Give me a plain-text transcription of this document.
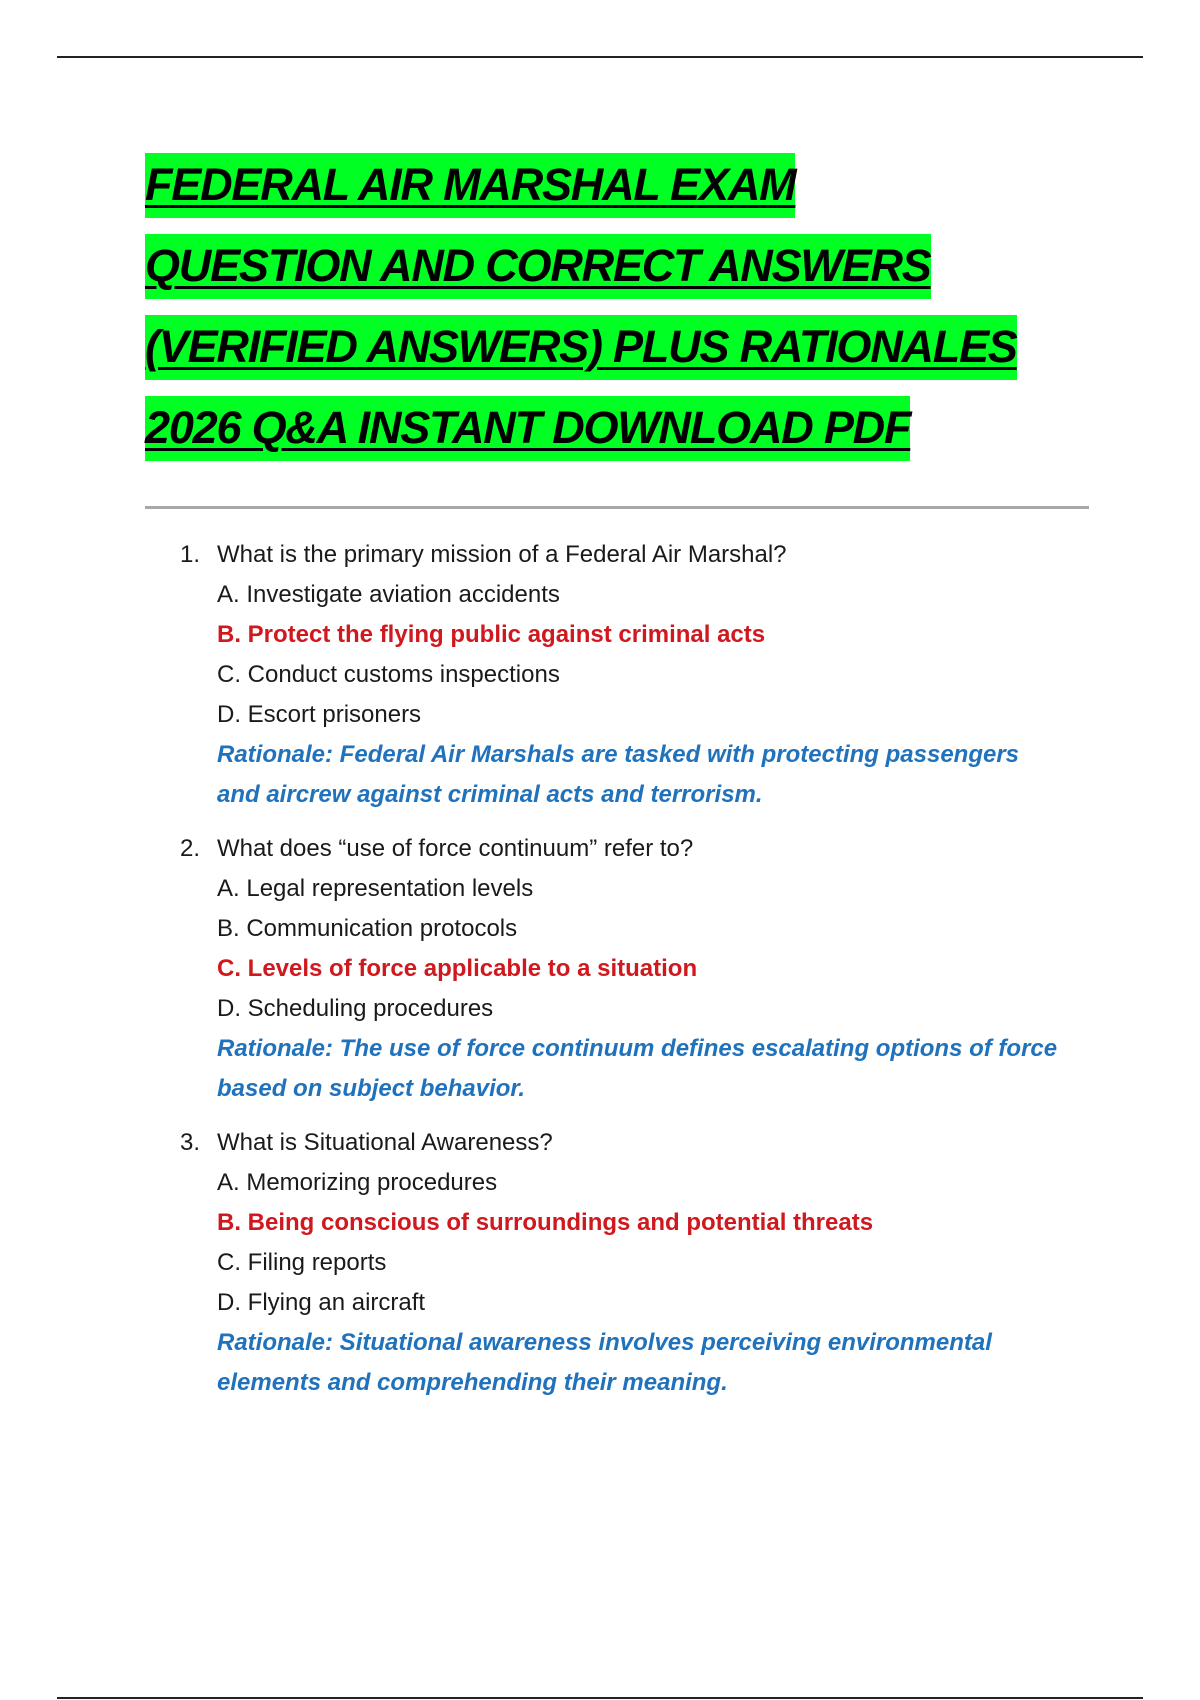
FEDERAL AIR MARSHAL EXAM
QUESTION AND CORRECT ANSWERS
(VERIFIED ANSWERS) PLUS RATIONALES
2026 Q&A INSTANT DOWNLOAD PDF
1. What is the primary mission of a Federal Air Marshal?
A. Investigate aviation accidents
B. Protect the flying public against criminal acts
C. Conduct customs inspections
D. Escort prisoners
Rationale: Federal Air Marshals are tasked with protecting passengers and aircrew against criminal acts and terrorism.
2. What does “use of force continuum” refer to?
A. Legal representation levels
B. Communication protocols
C. Levels of force applicable to a situation
D. Scheduling procedures
Rationale: The use of force continuum defines escalating options of force based on subject behavior.
3. What is Situational Awareness?
A. Memorizing procedures
B. Being conscious of surroundings and potential threats
C. Filing reports
D. Flying an aircraft
Rationale: Situational awareness involves perceiving environmental elements and comprehending their meaning.
